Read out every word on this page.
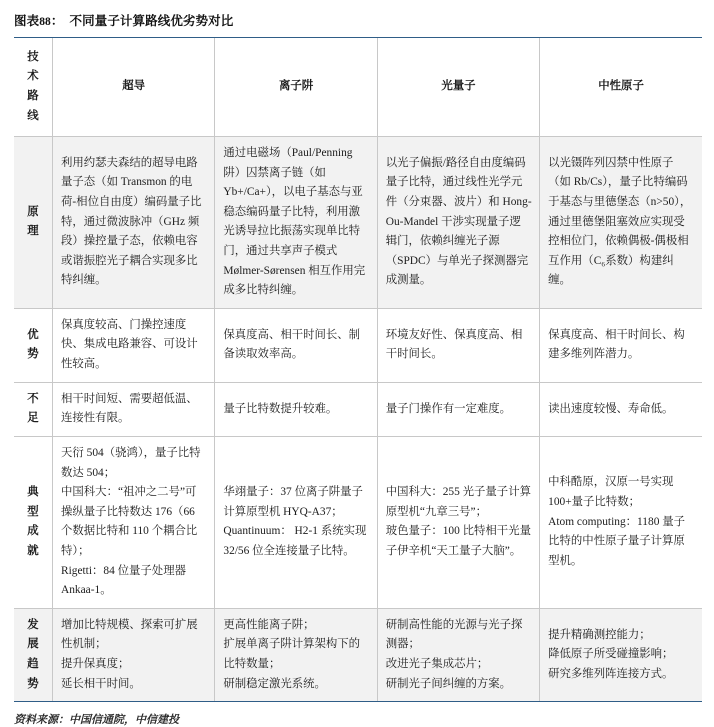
图表88： 不同量子计算路线优劣势对比
技
术
路
线	超导	离子阱	光量子	中性原子

原
理	利用约瑟夫森结的超导电路量子态（如 Transmon 的电荷-相位自由度）编码量子比特，通过微波脉冲（GHz 频段）操控量子态，依赖电容或谐振腔光子耦合实现多比特纠缠。	通过电磁场（Paul/Penning 阱）囚禁离子链（如 Yb+/Ca+），以电子基态与亚稳态编码量子比特，利用激光诱导拉比振荡实现单比特门，通过共享声子模式 Mølmer-Sørensen 相互作用完成多比特纠缠。	以光子偏振/路径自由度编码量子比特，通过线性光学元件（分束器、波片）和 Hong-Ou-Mandel 干涉实现量子逻辑门，依赖纠缠光子源（SPDC）与单光子探测器完成测量。	以光镊阵列囚禁中性原子（如 Rb/Cs），量子比特编码于基态与里德堡态（n>50），通过里德堡阻塞效应实现受控相位门，依赖偶极-偶极相互作用（C₆系数）构建纠缠。

优
势	保真度较高、门操控速度快、集成电路兼容、可设计性较高。	保真度高、相干时间长、制备读取效率高。	环境友好性、保真度高、相干时间长。	保真度高、相干时间长、构建多维列阵潜力。

不
足	相干时间短、需要超低温、连接性有限。	量子比特数提升较难。	量子门操作有一定难度。	读出速度较慢、寿命低。

典
型
成
就	天衍 504（骁鸿），量子比特数达 504；
中国科大：“祖冲之二号”可操纵量子比特数达 176（66 个数据比特和 110 个耦合比特）；
Rigetti：84 位量子处理器 Ankaa-1。	华翊量子：37 位离子阱量子计算原型机 HYQ-A37；
Quantinuum： H2-1 系统实现 32/56 位全连接量子比特。	中国科大：255 光子量子计算原型机“九章三号”；
玻色量子：100 比特相干光量子伊辛机“天工量子大脑”。	中科酷原，汉原一号实现 100+量子比特数；
Atom computing：1180 量子比特的中性原子量子计算原型机。

发
展
趋
势	增加比特规模、探索可扩展性机制；
提升保真度；
延长相干时间。	更高性能离子阱；
扩展单离子阱计算架构下的比特数量；
研制稳定激光系统。	研制高性能的光源与光子探测器；
改进光子集成芯片；
研制光子间纠缠的方案。	提升精确测控能力；
降低原子所受碰撞影响；
研究多维列阵连接方式。
资料来源：中国信通院，中信建投
